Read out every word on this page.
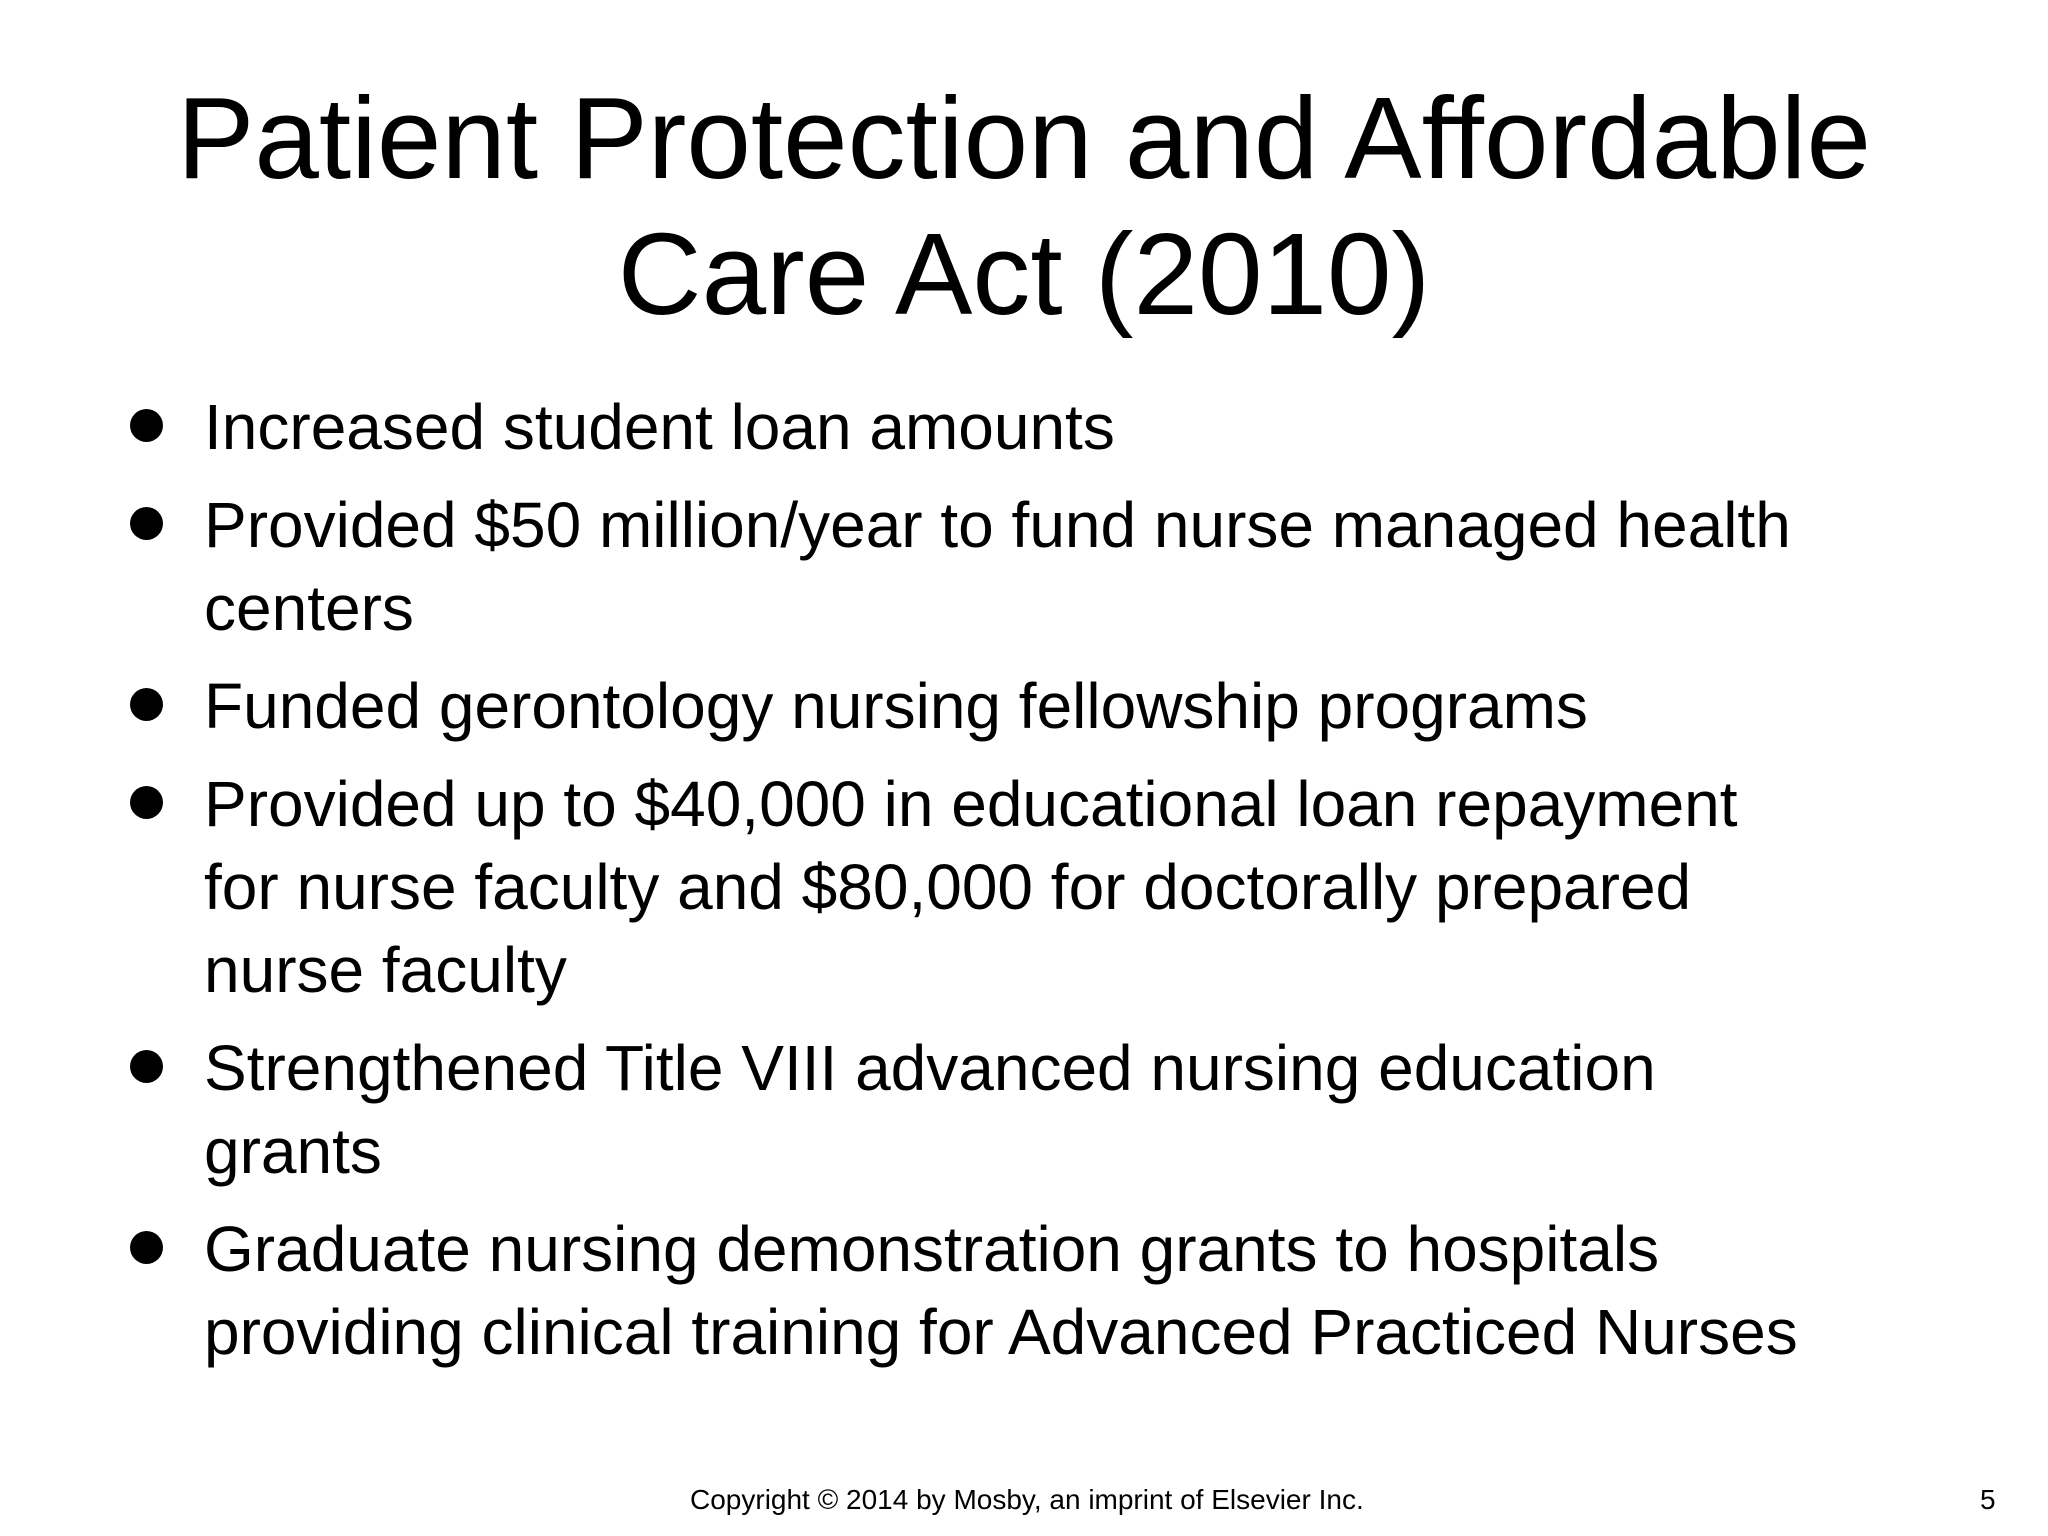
Patient Protection and Affordable
Care Act (2010)
Increased student loan amounts
Provided $50 million/year to fund nurse managed health
centers
Funded gerontology nursing fellowship programs
Provided up to $40,000 in educational loan repayment
for nurse faculty and $80,000 for doctorally prepared
nurse faculty
Strengthened Title VIII advanced nursing education
grants
Graduate nursing demonstration grants to hospitals
providing clinical training for Advanced Practiced Nurses
Copyright © 2014 by Mosby, an imprint of Elsevier Inc.	5
